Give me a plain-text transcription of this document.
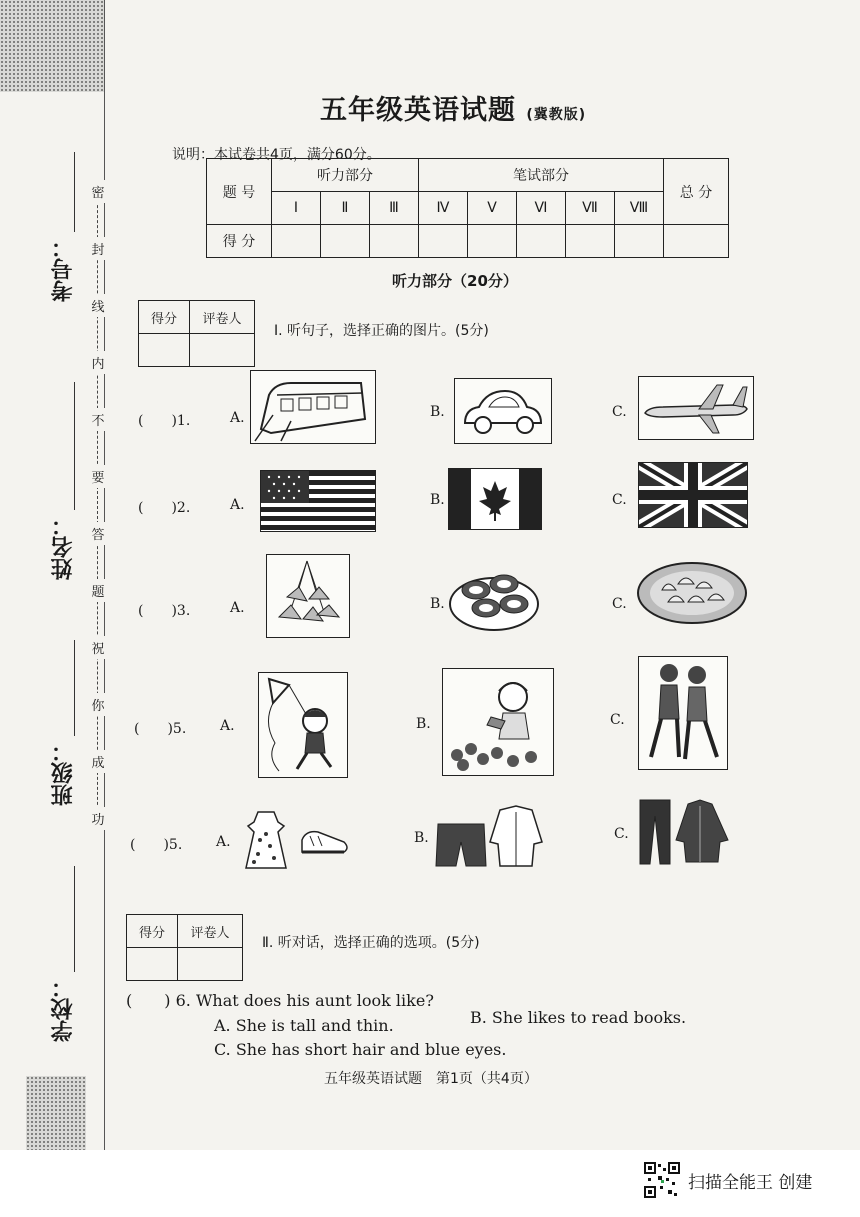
考号：
姓名：
班级：
学校：
密
封
线
内
不
要
答
题
祝
你
成
功
五年级英语试题 (冀教版)
说明：本试卷共4页，满分60分。
题 号	听力部分			笔试部分					总 分
	Ⅰ	Ⅱ	Ⅲ	Ⅳ	Ⅴ	Ⅵ	Ⅶ	Ⅷ	
得 分									
听力部分（20分）
得分	评卷人

Ⅰ. 听句子，选择正确的图片。(5分)
(　　)1.	A.	B.	C.
(　　)2.	A.	B.	C.
(　　)3.	A.	B.	C.
(　　)5. A.	B.	C.
(　　)5. A.	B.	C.
得分	评卷人

Ⅱ. 听对话，选择正确的选项。(5分)
(　　) 6. What does his aunt look like?
A. She is tall and thin.	B. She likes to read books.
C. She has short hair and blue eyes.
五年级英语试题　第1页（共4页）
扫描全能王 创建
